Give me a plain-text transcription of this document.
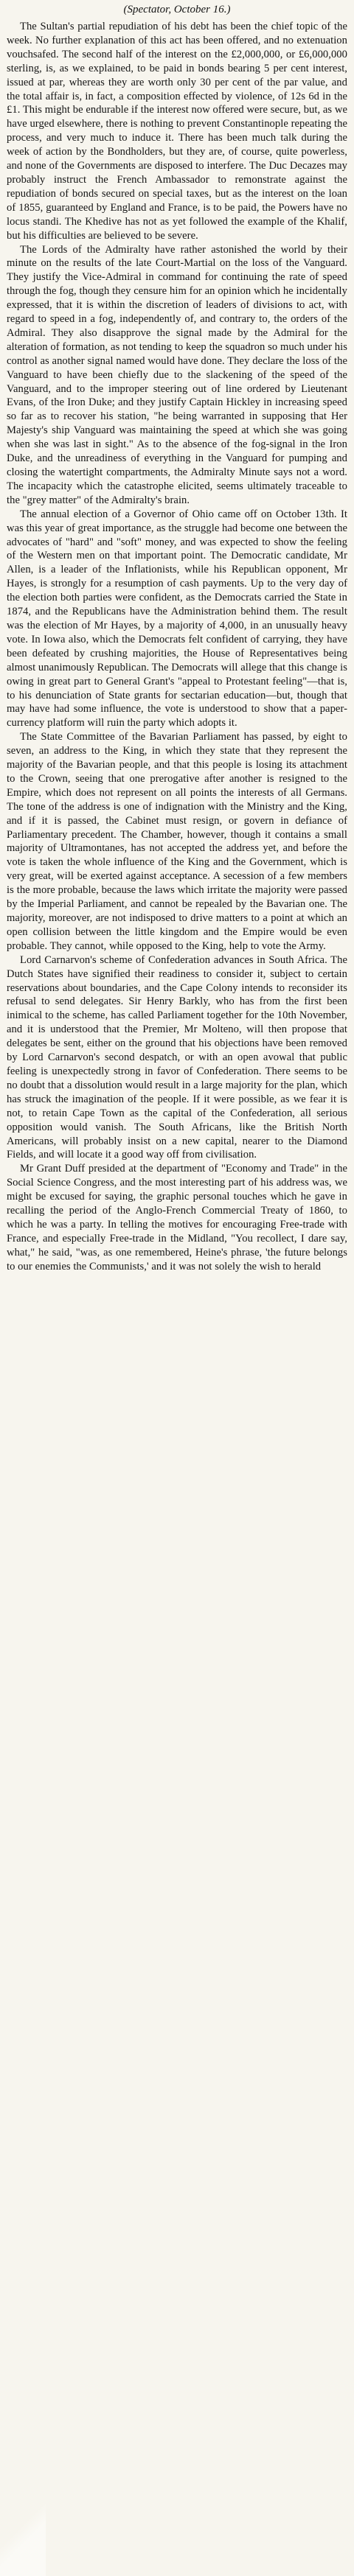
(Spectator, October 16.)

The Sultan's partial repudiation of his debt has been the chief topic of the week. No further explanation of this act has been offered, and no extenuation vouchsafed. The second half of the interest on the £2,000,000, or £6,000,000 sterling, is, as we explained, to be paid in bonds bearing 5 per cent interest, issued at par, whereas they are worth only 30 per cent of the par value, and the total affair is, in fact, a composition effected by violence, of 12s 6d in the £1. This might be endurable if the interest now offered were secure, but, as we have urged elsewhere, there is nothing to prevent Constantinople repeating the process, and very much to induce it. There has been much talk during the week of action by the Bondholders, but they are, of course, quite powerless, and none of the Governments are disposed to interfere. The Duc Decazes may probably instruct the French Ambassador to remonstrate against the repudiation of bonds secured on special taxes, but as the interest on the loan of 1855, guaranteed by England and France, is to be paid, the Powers have no locus standi. The Khedive has not as yet followed the example of the Khalif, but his difficulties are believed to be severe.

The Lords of the Admiralty have rather astonished the world by their minute on the results of the late Court-Martial on the loss of the Vanguard. They justify the Vice-Admiral in command for continuing the rate of speed through the fog, though they censure him for an opinion which he incidentally expressed, that it is within the discretion of leaders of divisions to act, with regard to speed in a fog, independently of, and contrary to, the orders of the Admiral. They also disapprove the signal made by the Admiral for the alteration of formation, as not tending to keep the squadron so much under his control as another signal named would have done. They declare the loss of the Vanguard to have been chiefly due to the slackening of the speed of the Vanguard, and to the improper steering out of line ordered by Lieutenant Evans, of the Iron Duke; and they justify Captain Hickley in increasing speed so far as to recover his station, "he being warranted in supposing that Her Majesty's ship Vanguard was maintaining the speed at which she was going when she was last in sight." As to the absence of the fog-signal in the Iron Duke, and the unreadiness of everything in the Vanguard for pumping and closing the watertight compartments, the Admiralty Minute says not a word. The incapacity which the catastrophe elicited, seems ultimately traceable to the "grey matter" of the Admiralty's brain.

The annual election of a Governor of Ohio came off on October 13th. It was this year of great importance, as the struggle had become one between the advocates of "hard" and "soft" money, and was expected to show the feeling of the Western men on that important point. The Democratic candidate, Mr Allen, is a leader of the Inflationists, while his Republican opponent, Mr Hayes, is strongly for a resumption of cash payments. Up to the very day of the election both parties were confident, as the Democrats carried the State in 1874, and the Republicans have the Administration behind them. The result was the election of Mr Hayes, by a majority of 4,000, in an unusually heavy vote. In Iowa also, which the Democrats felt confident of carrying, they have been defeated by crushing majorities, the House of Representatives being almost unanimously Republican. The Democrats will allege that this change is owing in great part to General Grant's "appeal to Protestant feeling"—that is, to his denunciation of State grants for sectarian education—but, though that may have had some influence, the vote is understood to show that a paper-currency platform will ruin the party which adopts it.

The State Committee of the Bavarian Parliament has passed, by eight to seven, an address to the King, in which they state that they represent the majority of the Bavarian people, and that this people is losing its attachment to the Crown, seeing that one prerogative after another is resigned to the Empire, which does not represent on all points the interests of all Germans. The tone of the address is one of indignation with the Ministry and the King, and if it is passed, the Cabinet must resign, or govern in defiance of Parliamentary precedent. The Chamber, however, though it contains a small majority of Ultramontanes, has not accepted the address yet, and before the vote is taken the whole influence of the King and the Government, which is very great, will be exerted against acceptance. A secession of a few members is the more probable, because the laws which irritate the majority were passed by the Imperial Parliament, and cannot be repealed by the Bavarian one. The majority, moreover, are not indisposed to drive matters to a point at which an open collision between the little kingdom and the Empire would be even probable. They cannot, while opposed to the King, help to vote the Army.

Lord Carnarvon's scheme of Confederation advances in South Africa. The Dutch States have signified their readiness to consider it, subject to certain reservations about boundaries, and the Cape Colony intends to reconsider its refusal to send delegates. Sir Henry Barkly, who has from the first been inimical to the scheme, has called Parliament together for the 10th November, and it is understood that the Premier, Mr Molteno, will then propose that delegates be sent, either on the ground that his objections have been removed by Lord Carnarvon's second despatch, or with an open avowal that public feeling is unexpectedly strong in favor of Confederation. There seems to be no doubt that a dissolution would result in a large majority for the plan, which has struck the imagination of the people. If it were possible, as we fear it is not, to retain Cape Town as the capital of the Confederation, all serious opposition would vanish. The South Africans, like the British North Americans, will probably insist on a new capital, nearer to the Diamond Fields, and will locate it a good way off from civilisation.

Mr Grant Duff presided at the department of "Economy and Trade" in the Social Science Congress, and the most interesting part of his address was, we might be excused for saying, the graphic personal touches which he gave in recalling the period of the Anglo-French Commercial Treaty of 1860, to which he was a party. In telling the motives for encouraging Free-trade with France, and especially Free-trade in the Midland, "You recollect, I dare say, what," he said, "was, as one remembered, Heine's phrase, 'the future belongs to our enemies the Communists,' and it was not solely the wish to herald
